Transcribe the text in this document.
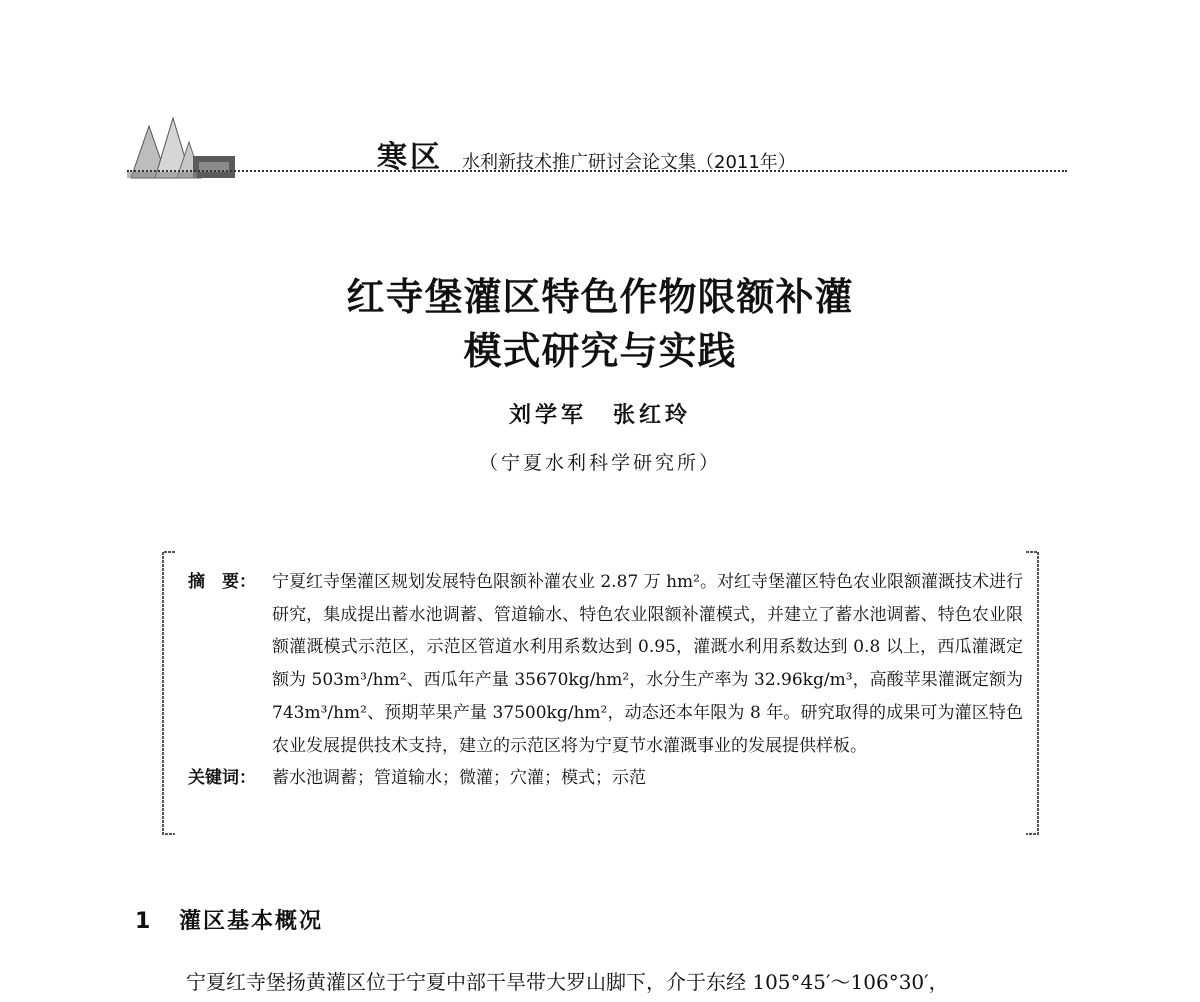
寒区 水利新技术推广研讨会论文集（2011年）
红寺堡灌区特色作物限额补灌
模式研究与实践
刘学军　张红玲
（宁夏水利科学研究所）
摘　要： 宁夏红寺堡灌区规划发展特色限额补灌农业 2.87 万 hm²。对红寺堡灌区特色农业限额灌溉技术进行研究，集成提出蓄水池调蓄、管道输水、特色农业限额补灌模式，并建立了蓄水池调蓄、特色农业限额灌溉模式示范区，示范区管道水利用系数达到 0.95，灌溉水利用系数达到 0.8 以上，西瓜灌溉定额为 503m³/hm²、西瓜年产量 35670kg/hm²，水分生产率为 32.96kg/m³，高酸苹果灌溉定额为 743m³/hm²、预期苹果产量 37500kg/hm²，动态还本年限为 8 年。研究取得的成果可为灌区特色农业发展提供技术支持，建立的示范区将为宁夏节水灌溉事业的发展提供样板。
关键词： 蓄水池调蓄；管道输水；微灌；穴灌；模式；示范
1 灌区基本概况
宁夏红寺堡扬黄灌区位于宁夏中部干旱带大罗山脚下，介于东经 105°45′～106°30′，
